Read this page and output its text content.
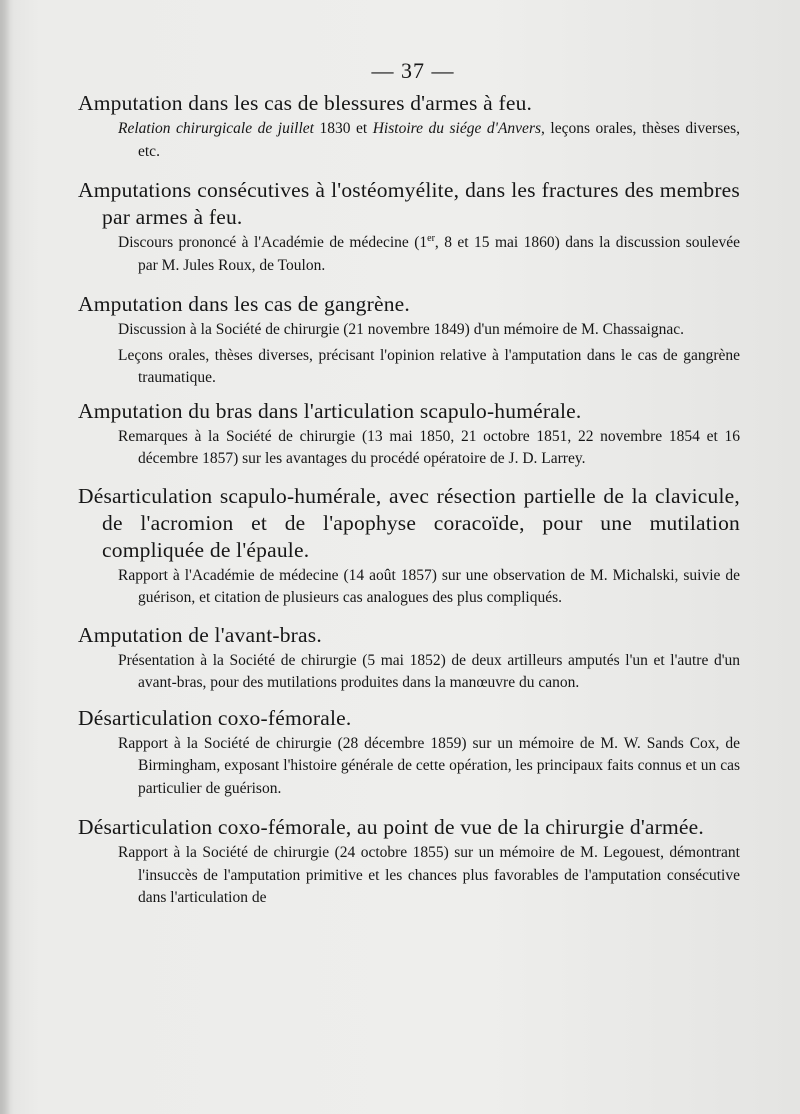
— 37 —

Amputation dans les cas de blessures d'armes à feu.

Relation chirurgicale de juillet 1830 et Histoire du siége d'Anvers, leçons orales, thèses diverses, etc.

Amputations consécutives à l'ostéomyélite, dans les fractures des membres par armes à feu.

Discours prononcé à l'Académie de médecine (1er, 8 et 15 mai 1860) dans la discussion soulevée par M. Jules Roux, de Toulon.

Amputation dans les cas de gangrène.

Discussion à la Société de chirurgie (21 novembre 1849) d'un mémoire de M. Chassaignac.

Leçons orales, thèses diverses, précisant l'opinion relative à l'amputation dans le cas de gangrène traumatique.

Amputation du bras dans l'articulation scapulo-humérale.

Remarques à la Société de chirurgie (13 mai 1850, 21 octobre 1851, 22 novembre 1854 et 16 décembre 1857) sur les avantages du procédé opératoire de J. D. Larrey.

Désarticulation scapulo-humérale, avec résection partielle de la clavicule, de l'acromion et de l'apophyse coracoïde, pour une mutilation compliquée de l'épaule.

Rapport à l'Académie de médecine (14 août 1857) sur une observation de M. Michalski, suivie de guérison, et citation de plusieurs cas analogues des plus compliqués.

Amputation de l'avant-bras.

Présentation à la Société de chirurgie (5 mai 1852) de deux artilleurs amputés l'un et l'autre d'un avant-bras, pour des mutilations produites dans la manœuvre du canon.

Désarticulation coxo-fémorale.

Rapport à la Société de chirurgie (28 décembre 1859) sur un mémoire de M. W. Sands Cox, de Birmingham, exposant l'histoire générale de cette opération, les principaux faits connus et un cas particulier de guérison.

Désarticulation coxo-fémorale, au point de vue de la chirurgie d'armée.

Rapport à la Société de chirurgie (24 octobre 1855) sur un mémoire de M. Legouest, démontrant l'insuccès de l'amputation primitive et les chances plus favorables de l'amputation consécutive dans l'articulation de
